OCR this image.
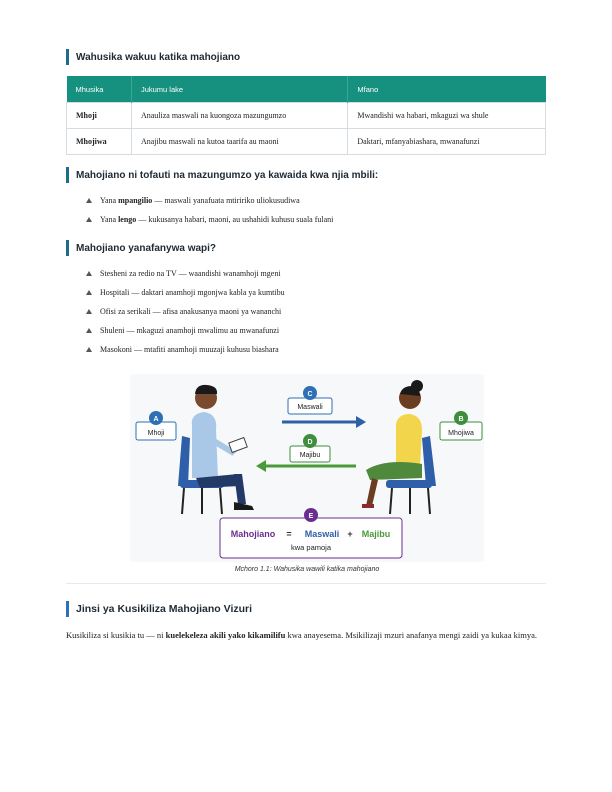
Wahusika wakuu katika mahojiano
Mhusika	Jukumu lake	Mfano
Mhoji	Anauliza maswali na kuongoza mazungumzo	Mwandishi wa habari, mkaguzi wa shule
Mhojiwa	Anajibu maswali na kutoa taarifa au maoni	Daktari, mfanyabiashara, mwanafunzi
Mahojiano ni tofauti na mazungumzo ya kawaida kwa njia mbili:
Yana mpangilio — maswali yanafuata mtiririko uliokusudiwa
Yana lengo — kukusanya habari, maoni, au ushahidi kuhusu suala fulani
Mahojiano yanafanywa wapi?
Stesheni za redio na TV — waandishi wanamhoji mgeni
Hospitali — daktari anamhoji mgonjwa kabla ya kumtibu
Ofisi za serikali — afisa anakusanya maoni ya wananchi
Shuleni — mkaguzi anamhoji mwalimu au mwanafunzi
Masokoni — mtafiti anamhoji muuzaji kuhusu biashara
A
Mhoji
B
Mhojiwa
C
Maswali
D
Majibu
E
Mahojiano = Maswali + Majibu
kwa pamoja
Mchoro 1.1: Wahusika wawili katika mahojiano
Jinsi ya Kusikiliza Mahojiano Vizuri
Kusikiliza si kusikia tu — ni kuelekeleza akili yako kikamilifu kwa anayesema. Msikilizaji mzuri anafanya mengi zaidi ya kukaa kimya.
